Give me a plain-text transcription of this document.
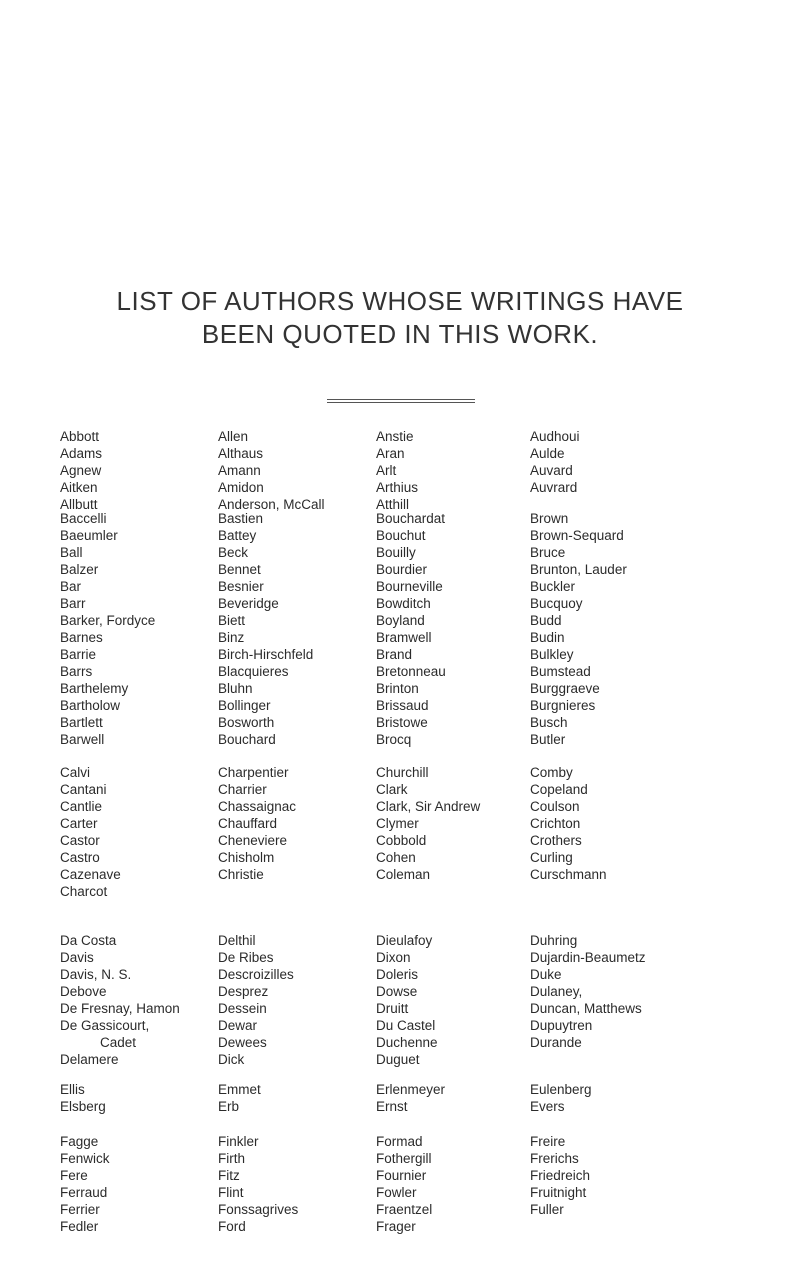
LIST OF AUTHORS WHOSE WRITINGS HAVE
BEEN QUOTED IN THIS WORK.
Abbott
Adams
Agnew
Aitken
Allbutt
Allen
Althaus
Amann
Amidon
Anderson, McCall
Anstie
Aran
Arlt
Arthius
Atthill
Audhoui
Aulde
Auvard
Auvrard
Baccelli
Baeumler
Ball
Balzer
Bar
Barr
Barker, Fordyce
Barnes
Barrie
Barrs
Barthelemy
Bartholow
Bartlett
Barwell
Bastien
Battey
Beck
Bennet
Besnier
Beveridge
Biett
Binz
Birch-Hirschfeld
Blacquieres
Bluhn
Bollinger
Bosworth
Bouchard
Bouchardat
Bouchut
Bouilly
Bourdier
Bourneville
Bowditch
Boyland
Bramwell
Brand
Bretonneau
Brinton
Brissaud
Bristowe
Brocq
Brown
Brown-Sequard
Bruce
Brunton, Lauder
Buckler
Bucquoy
Budd
Budin
Bulkley
Bumstead
Burggraeve
Burgnieres
Busch
Butler
Calvi
Cantani
Cantlie
Carter
Castor
Castro
Cazenave
Charcot
Charpentier
Charrier
Chassaignac
Chauffard
Cheneviere
Chisholm
Christie
Churchill
Clark
Clark, Sir Andrew
Clymer
Cobbold
Cohen
Coleman
Comby
Copeland
Coulson
Crichton
Crothers
Curling
Curschmann
Da Costa
Davis
Davis, N. S.
Debove
De Fresnay, Hamon
De Gassicourt,
Cadet
Delamere
Delthil
De Ribes
Descroizilles
Desprez
Dessein
Dewar
Dewees
Dick
Dieulafoy
Dixon
Doleris
Dowse
Druitt
Du Castel
Duchenne
Duguet
Duhring
Dujardin-Beaumetz
Duke
Dulaney,
Duncan, Matthews
Dupuytren
Durande
Ellis
Elsberg
Emmet
Erb
Erlenmeyer
Ernst
Eulenberg
Evers
Fagge
Fenwick
Fere
Ferraud
Ferrier
Fedler
Finkler
Firth
Fitz
Flint
Fonssagrives
Ford
Formad
Fothergill
Fournier
Fowler
Fraentzel
Frager
Freire
Frerichs
Friedreich
Fruitnight
Fuller
